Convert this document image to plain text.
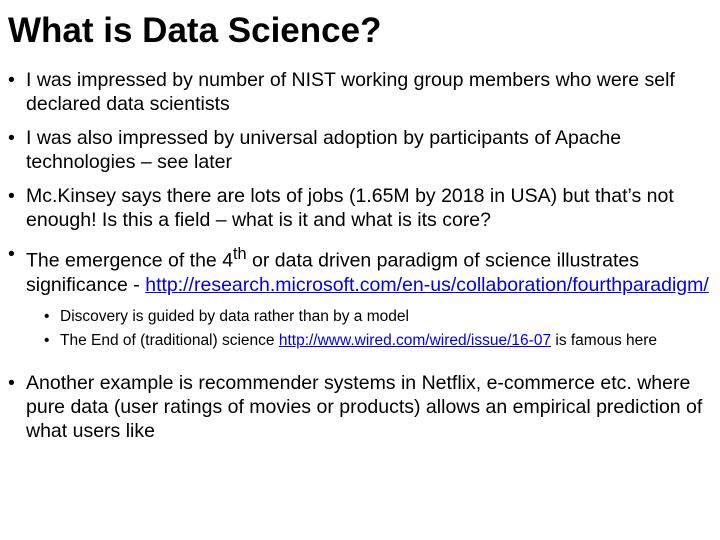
What is Data Science?
• I was impressed by number of NIST working group members who were self declared data scientists
• I was also impressed by universal adoption by participants of Apache technologies – see later
• Mc.Kinsey says there are lots of jobs (1.65M by 2018 in USA) but that’s not enough! Is this a field – what is it and what is its core?
• The emergence of the 4th or data driven paradigm of science illustrates significance - http://research.microsoft.com/en-us/collaboration/fourthparadigm/
• Discovery is guided by data rather than by a model
• The End of (traditional) science http://www.wired.com/wired/issue/16-07 is famous here
• Another example is recommender systems in Netflix, e-commerce etc. where pure data (user ratings of movies or products) allows an empirical prediction of what users like
